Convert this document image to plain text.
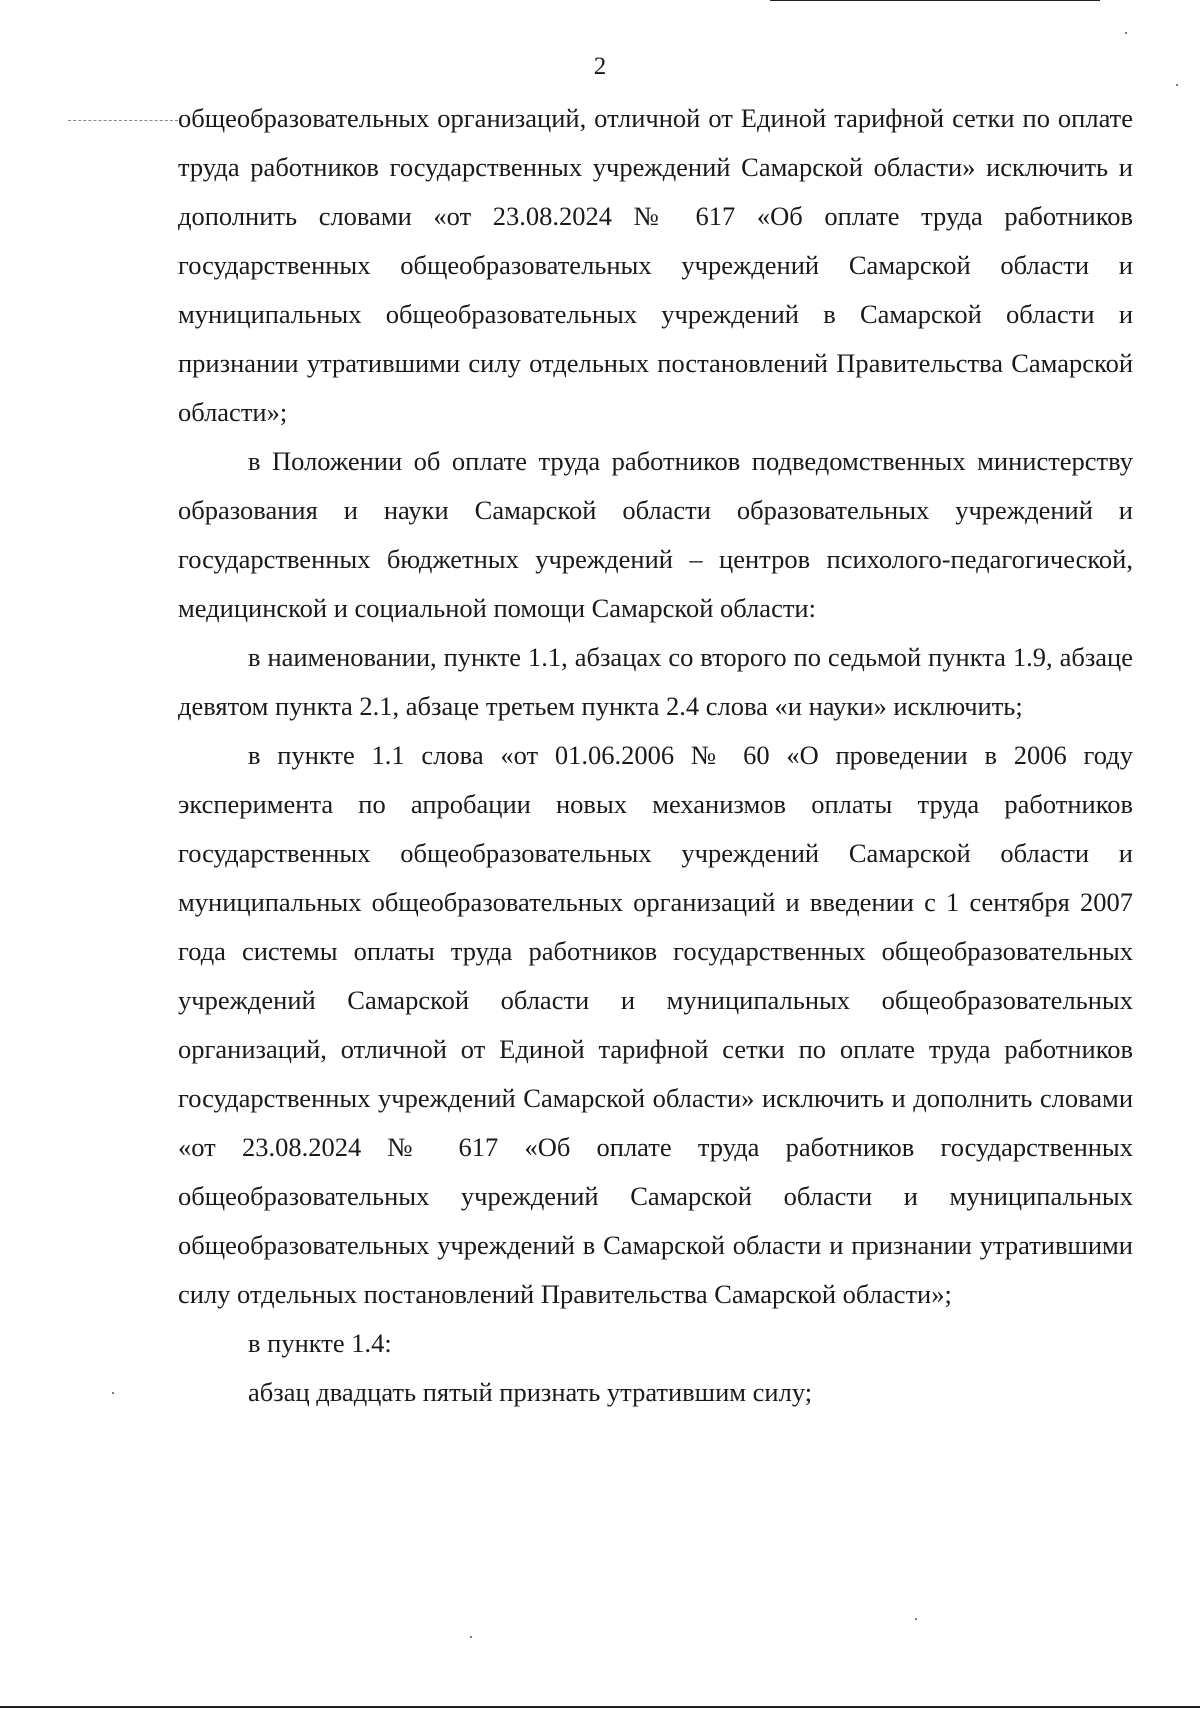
2

общеобразовательных организаций, отличной от Единой тарифной сетки по оплате труда работников государственных учреждений Самарской области» исключить и дополнить словами «от 23.08.2024 № 617 «Об оплате труда работников государственных общеобразовательных учреждений Самарской области и муниципальных общеобразовательных учреждений в Самарской области и признании утратившими силу отдельных постановлений Правительства Самарской области»;

в Положении об оплате труда работников подведомственных министерству образования и науки Самарской области образовательных учреждений и государственных бюджетных учреждений – центров психолого-педагогической, медицинской и социальной помощи Самарской области:

в наименовании, пункте 1.1, абзацах со второго по седьмой пункта 1.9, абзаце девятом пункта 2.1, абзаце третьем пункта 2.4 слова «и науки» исключить;

в пункте 1.1 слова «от 01.06.2006 № 60 «О проведении в 2006 году эксперимента по апробации новых механизмов оплаты труда работников государственных общеобразовательных учреждений Самарской области и муниципальных общеобразовательных организаций и введении с 1 сентября 2007 года системы оплаты труда работников государственных общеобразовательных учреждений Самарской области и муниципальных общеобразовательных организаций, отличной от Единой тарифной сетки по оплате труда работников государственных учреждений Самарской области» исключить и дополнить словами «от 23.08.2024 № 617 «Об оплате труда работников государственных общеобразовательных учреждений Самарской области и муниципальных общеобразовательных учреждений в Самарской области и признании утратившими силу отдельных постановлений Правительства Самарской области»;

в пункте 1.4:

абзац двадцать пятый признать утратившим силу;
